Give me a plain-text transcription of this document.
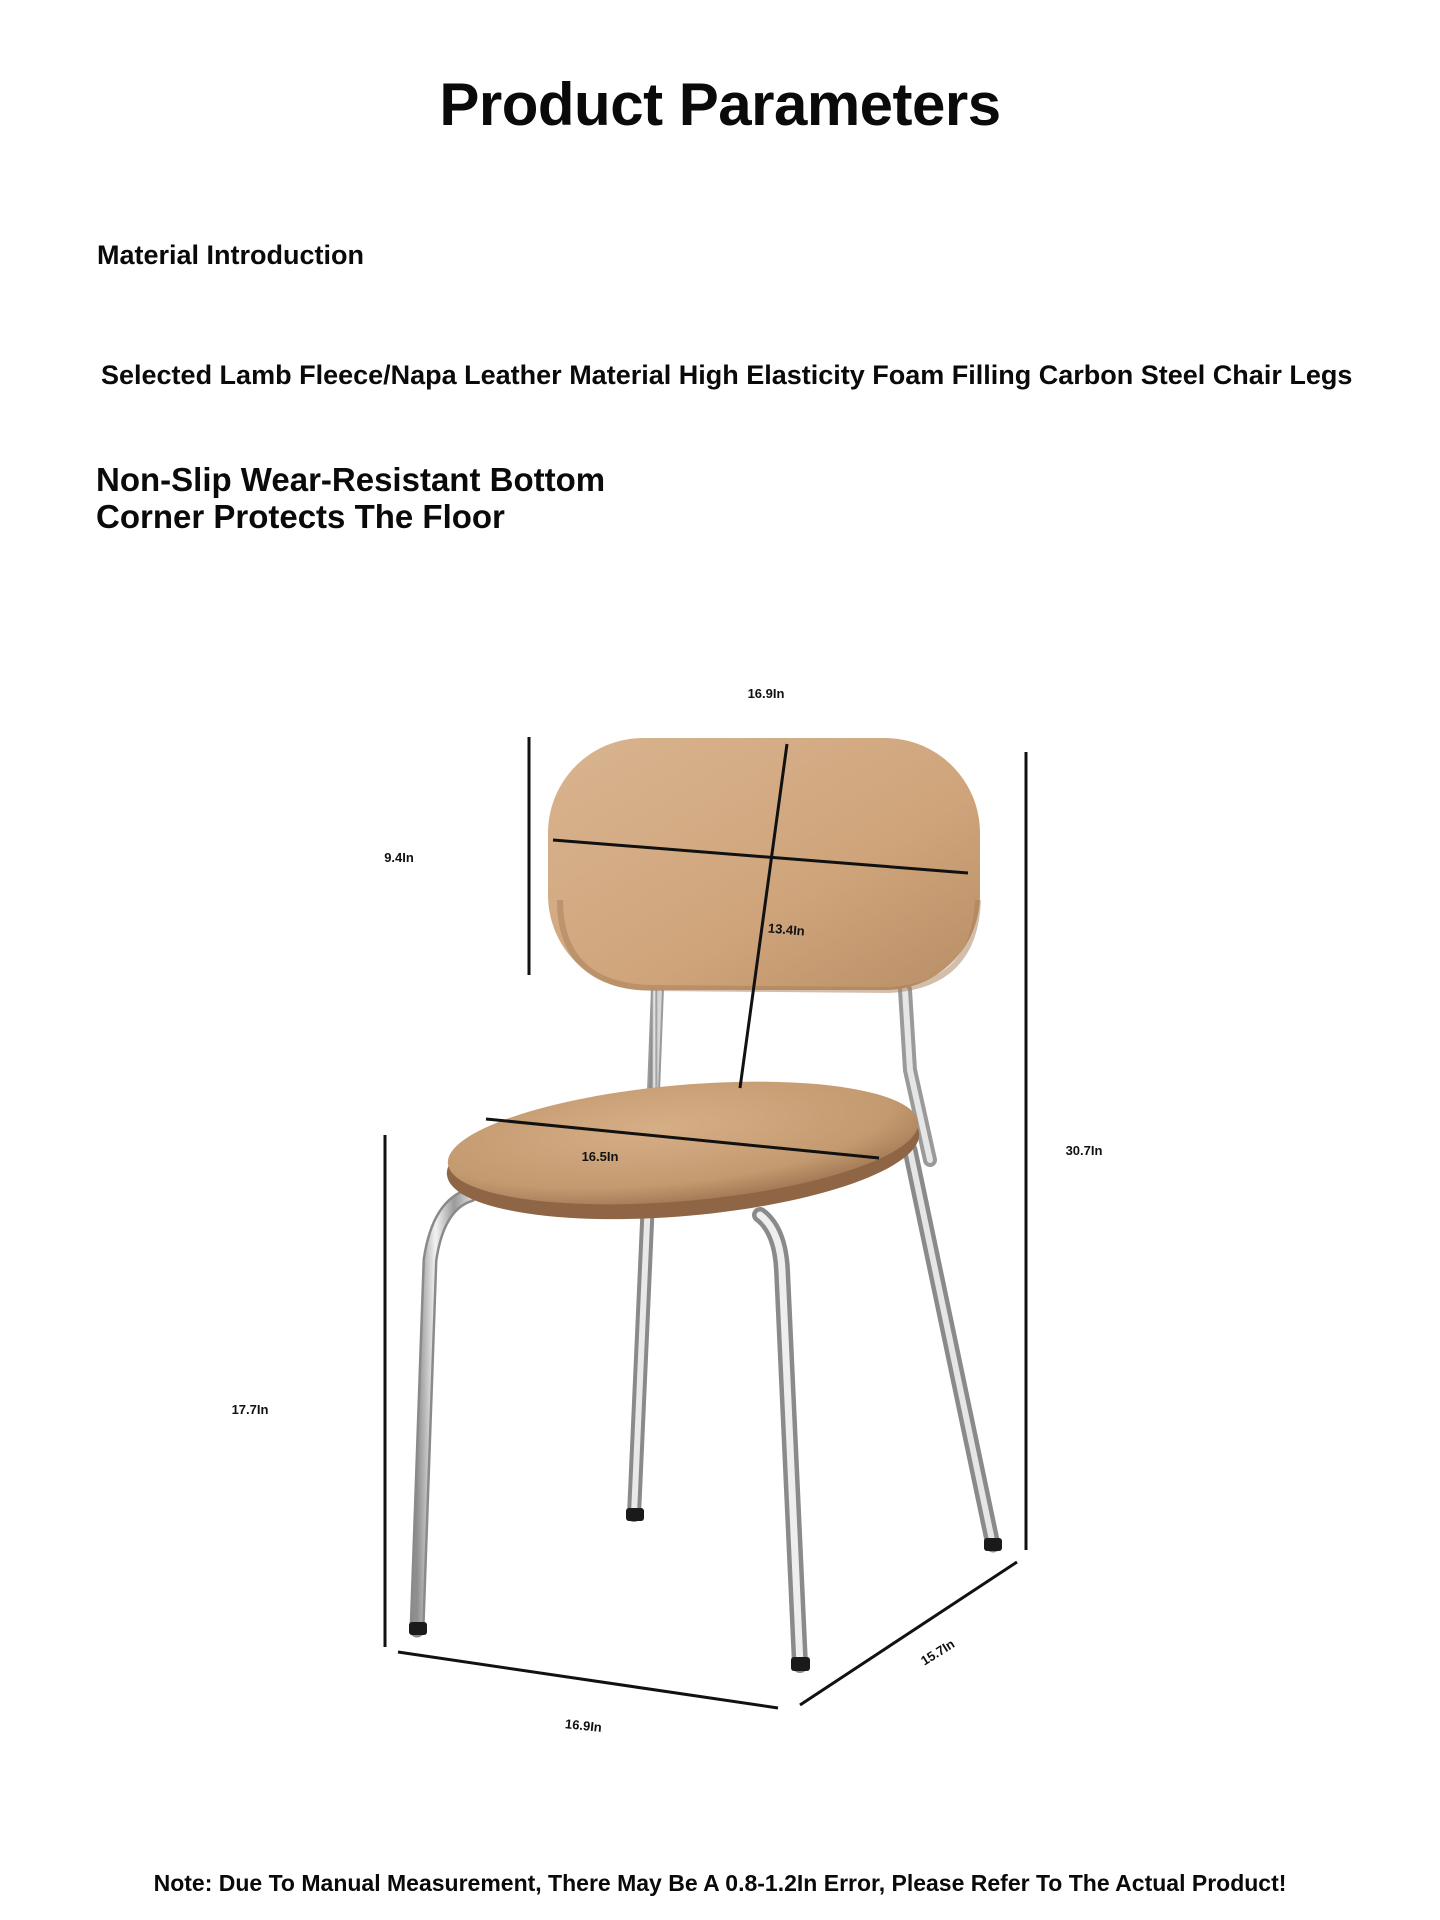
Product Parameters
Material Introduction
Selected Lamb Fleece/Napa Leather Material High Elasticity Foam Filling Carbon Steel Chair Legs
Non-Slip Wear-Resistant Bottom
Corner Protects The Floor
16.9In
9.4In
13.4In
16.5In	30.7In
17.7In
16.9In
15.7In
Note: Due To Manual Measurement, There May Be A 0.8-1.2In Error, Please Refer To The Actual Product!
